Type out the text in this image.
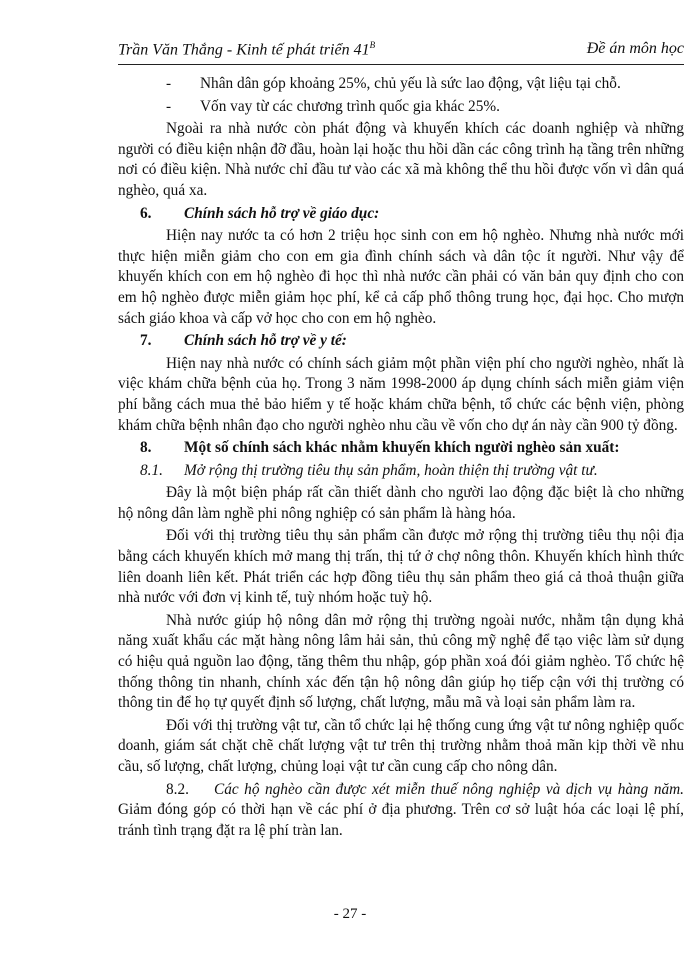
Trần Văn Thắng - Kinh tế phát triển $41^B$	Đề án môn học

- Nhân dân góp khoảng 25%, chủ yếu là sức lao động, vật liệu tại chỗ.

- Vốn vay từ các chương trình quốc gia khác 25%.

Ngoài ra nhà nước còn phát động và khuyến khích các doanh nghiệp và những người có điều kiện nhận đỡ đầu, hoàn lại hoặc thu hồi dần các công trình hạ tầng trên những nơi có điều kiện. Nhà nước chỉ đầu tư vào các xã mà không thể thu hồi được vốn vì dân quá nghèo, quá xa.

6. Chính sách hỗ trợ về giáo dục:

Hiện nay nước ta có hơn 2 triệu học sinh con em hộ nghèo. Nhưng nhà nước mới thực hiện miễn giảm cho con em gia đình chính sách và dân tộc ít người. Như vậy để khuyến khích con em hộ nghèo đi học thì nhà nước cần phải có văn bản quy định cho con em hộ nghèo được miễn giảm học phí, kể cả cấp phổ thông trung học, đại học. Cho mượn sách giáo khoa và cấp vở học cho con em hộ nghèo.

7. Chính sách hỗ trợ về y tế:

Hiện nay nhà nước có chính sách giảm một phần viện phí cho người nghèo, nhất là việc khám chữa bệnh của họ. Trong 3 năm 1998-2000 áp dụng chính sách miễn giảm viện phí bằng cách mua thẻ bảo hiểm y tế hoặc khám chữa bệnh, tổ chức các bệnh viện, phòng khám chữa bệnh nhân đạo cho người nghèo nhu cầu về vốn cho dự án này cần 900 tỷ đồng.

8. Một số chính sách khác nhằm khuyến khích người nghèo sản xuất:

8.1. Mở rộng thị trường tiêu thụ sản phẩm, hoàn thiện thị trường vật tư.

Đây là một biện pháp rất cần thiết dành cho người lao động đặc biệt là cho những hộ nông dân làm nghề phi nông nghiệp có sản phẩm là hàng hóa.

Đối với thị trường tiêu thụ sản phẩm cần được mở rộng thị trường tiêu thụ nội địa bằng cách khuyến khích mở mang thị trấn, thị tứ ở chợ nông thôn. Khuyến khích hình thức liên doanh liên kết. Phát triển các hợp đồng tiêu thụ sản phẩm theo giá cả thoả thuận giữa nhà nước với đơn vị kinh tế, tuỳ nhóm hoặc tuỳ hộ.

Nhà nước giúp hộ nông dân mở rộng thị trường ngoài nước, nhằm tận dụng khả năng xuất khẩu các mặt hàng nông lâm hải sản, thủ công mỹ nghệ để tạo việc làm sử dụng có hiệu quả nguồn lao động, tăng thêm thu nhập, góp phần xoá đói giảm nghèo. Tổ chức hệ thống thông tin nhanh, chính xác đến tận hộ nông dân giúp họ tiếp cận với thị trường có thông tin để họ tự quyết định số lượng, chất lượng, mẫu mã và loại sản phẩm làm ra.

Đối với thị trường vật tư, cần tổ chức lại hệ thống cung ứng vật tư nông nghiệp quốc doanh, giám sát chặt chẽ chất lượng vật tư trên thị trường nhằm thoả mãn kịp thời về nhu cầu, số lượng, chất lượng, chủng loại vật tư cần cung cấp cho nông dân.

8.2. Các hộ nghèo cần được xét miễn thuế nông nghiệp và dịch vụ hàng năm. Giảm đóng góp có thời hạn về các phí ở địa phương. Trên cơ sở luật hóa các loại lệ phí, tránh tình trạng đặt ra lệ phí tràn lan.

- 27 -
